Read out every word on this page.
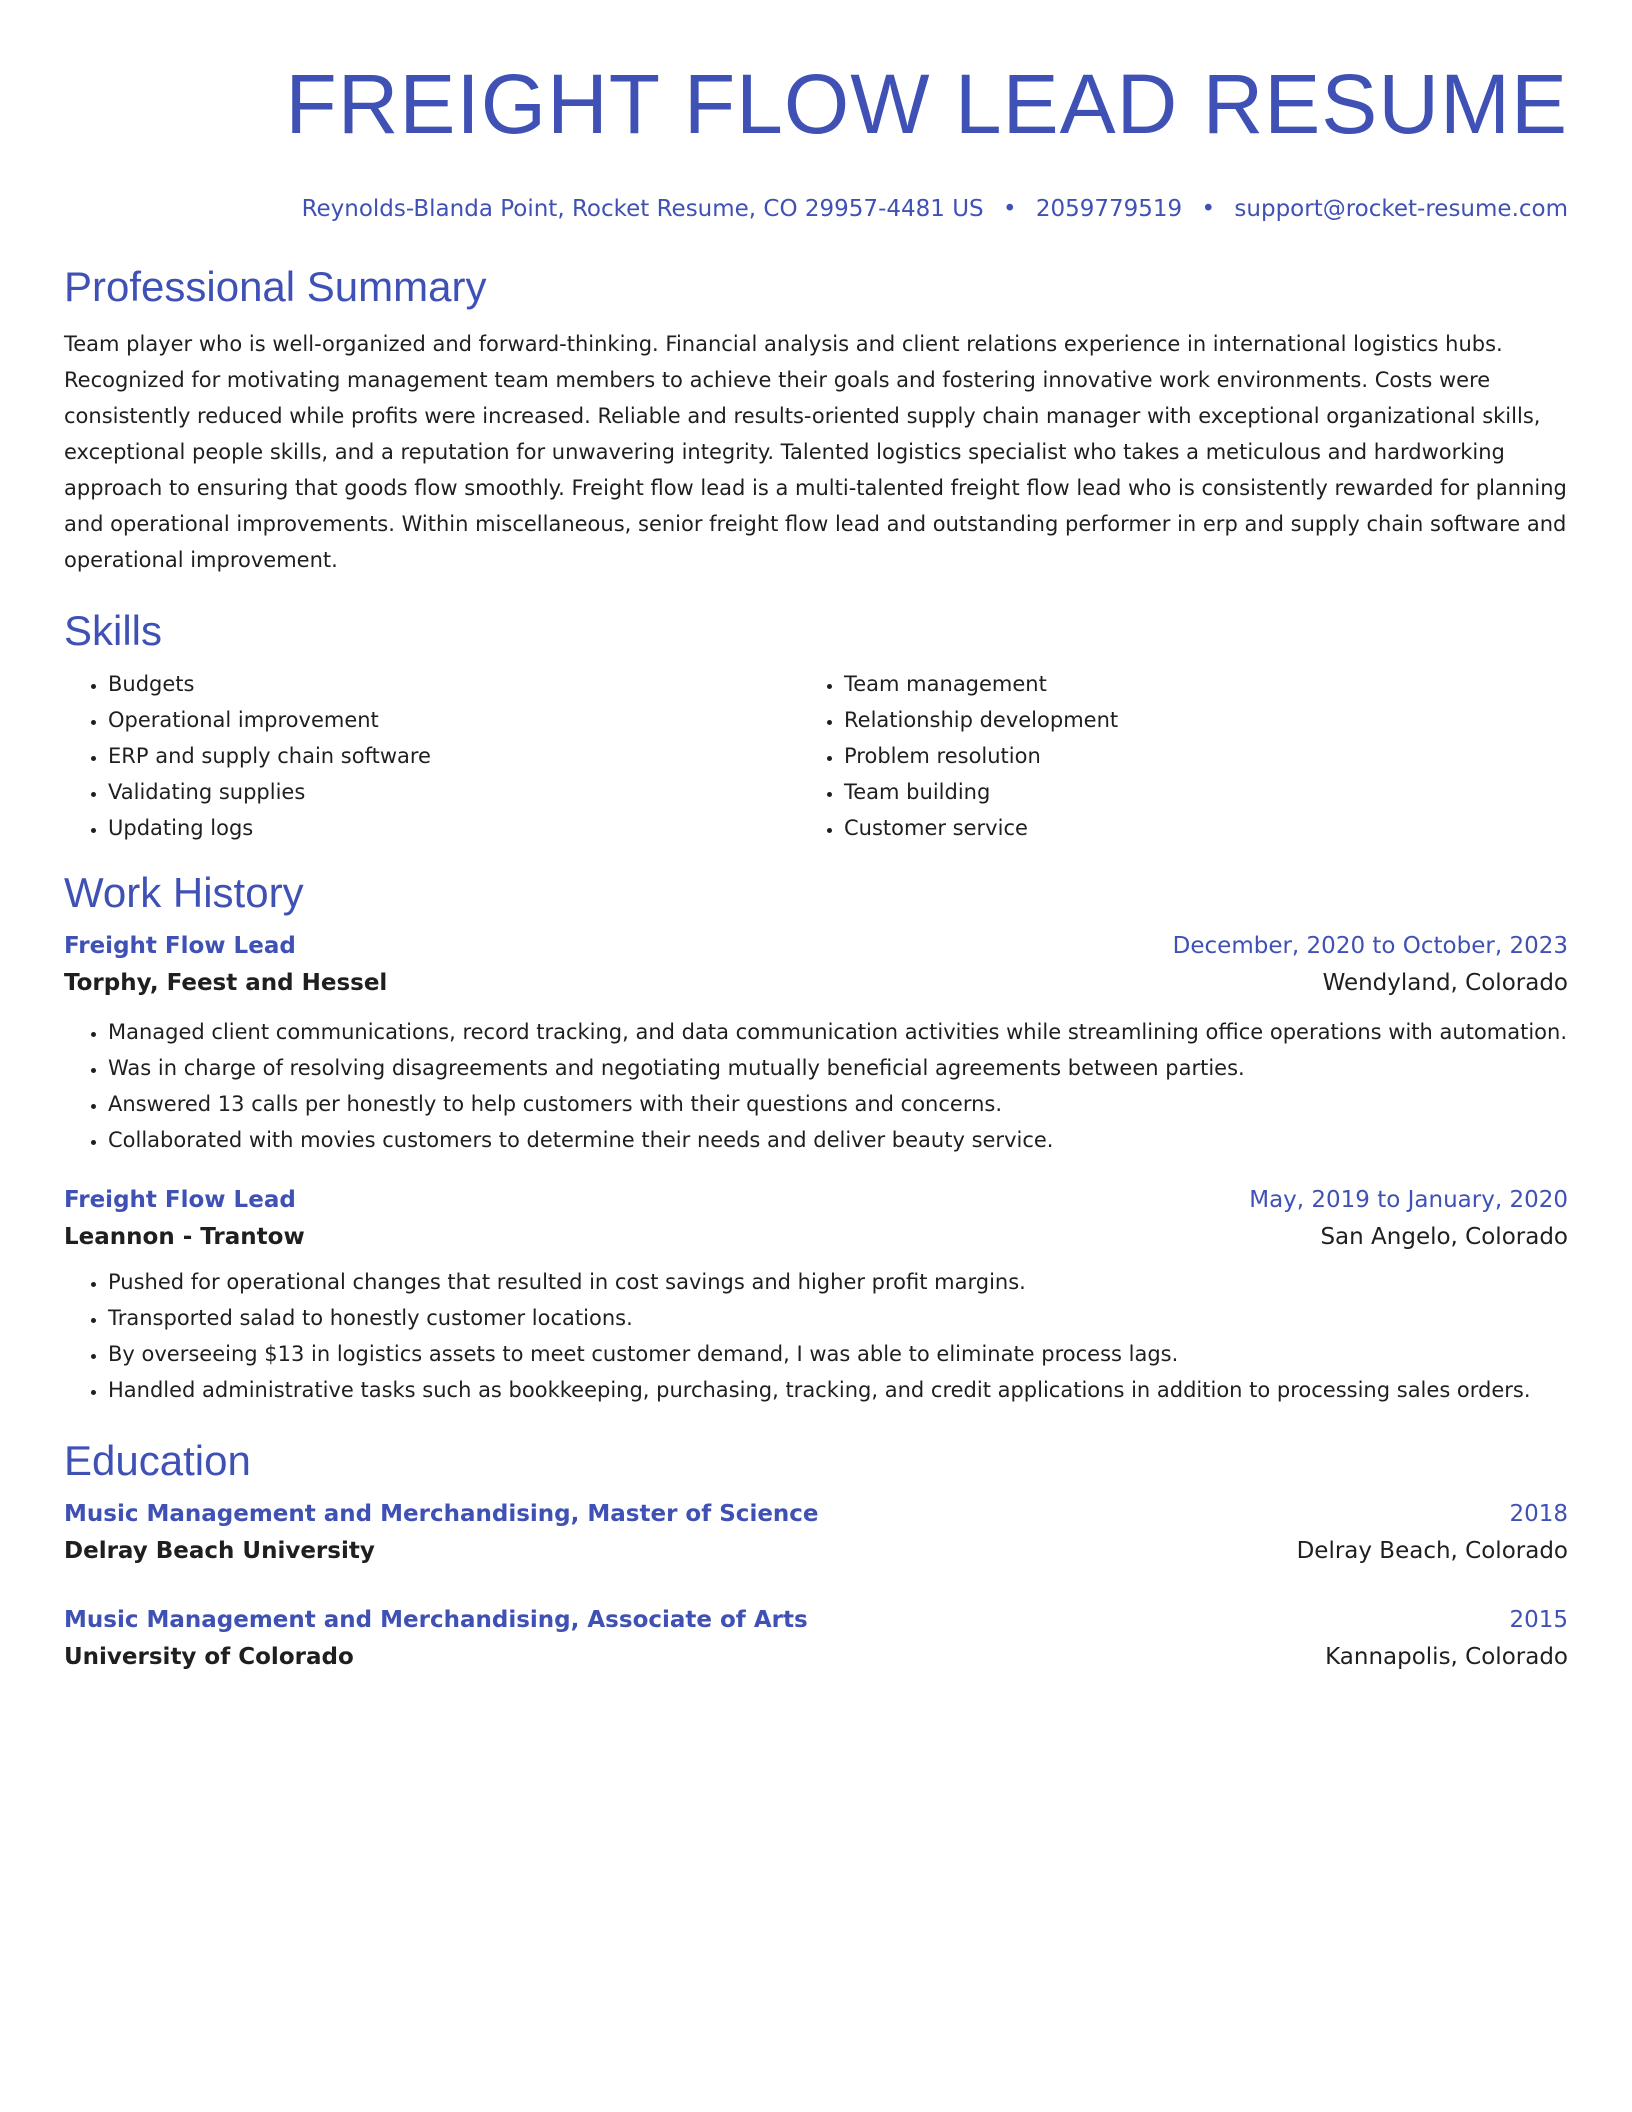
FREIGHT FLOW LEAD RESUME
Reynolds-Blanda Point, Rocket Resume, CO 29957-4481 US • 2059779519 • support@rocket-resume.com
Professional Summary

Team player who is well-organized and forward-thinking. Financial analysis and client relations experience in international logistics hubs. Recognized for motivating management team members to achieve their goals and fostering innovative work environments. Costs were consistently reduced while profits were increased. Reliable and results-oriented supply chain manager with exceptional organizational skills, exceptional people skills, and a reputation for unwavering integrity. Talented logistics specialist who takes a meticulous and hardworking approach to ensuring that goods flow smoothly. Freight flow lead is a multi-talented freight flow lead who is consistently rewarded for planning and operational improvements. Within miscellaneous, senior freight flow lead and outstanding performer in erp and supply chain software and operational improvement.

Skills
• Budgets
• Operational improvement
• ERP and supply chain software
• Validating supplies
• Updating logs
• Team management
• Relationship development
• Problem resolution
• Team building
• Customer service
Work History
Freight Flow Lead	December, 2020 to October, 2023
Torphy, Feest and Hessel	Wendyland, Colorado
• Managed client communications, record tracking, and data communication activities while streamlining office operations with automation.
• Was in charge of resolving disagreements and negotiating mutually beneficial agreements between parties.
• Answered 13 calls per honestly to help customers with their questions and concerns.
• Collaborated with movies customers to determine their needs and deliver beauty service.
Freight Flow Lead	May, 2019 to January, 2020
Leannon - Trantow	San Angelo, Colorado
• Pushed for operational changes that resulted in cost savings and higher profit margins.
• Transported salad to honestly customer locations.
• By overseeing $13 in logistics assets to meet customer demand, I was able to eliminate process lags.
• Handled administrative tasks such as bookkeeping, purchasing, tracking, and credit applications in addition to processing sales orders.
Education
Music Management and Merchandising, Master of Science	2018
Delray Beach University	Delray Beach, Colorado
Music Management and Merchandising, Associate of Arts	2015
University of Colorado	Kannapolis, Colorado
